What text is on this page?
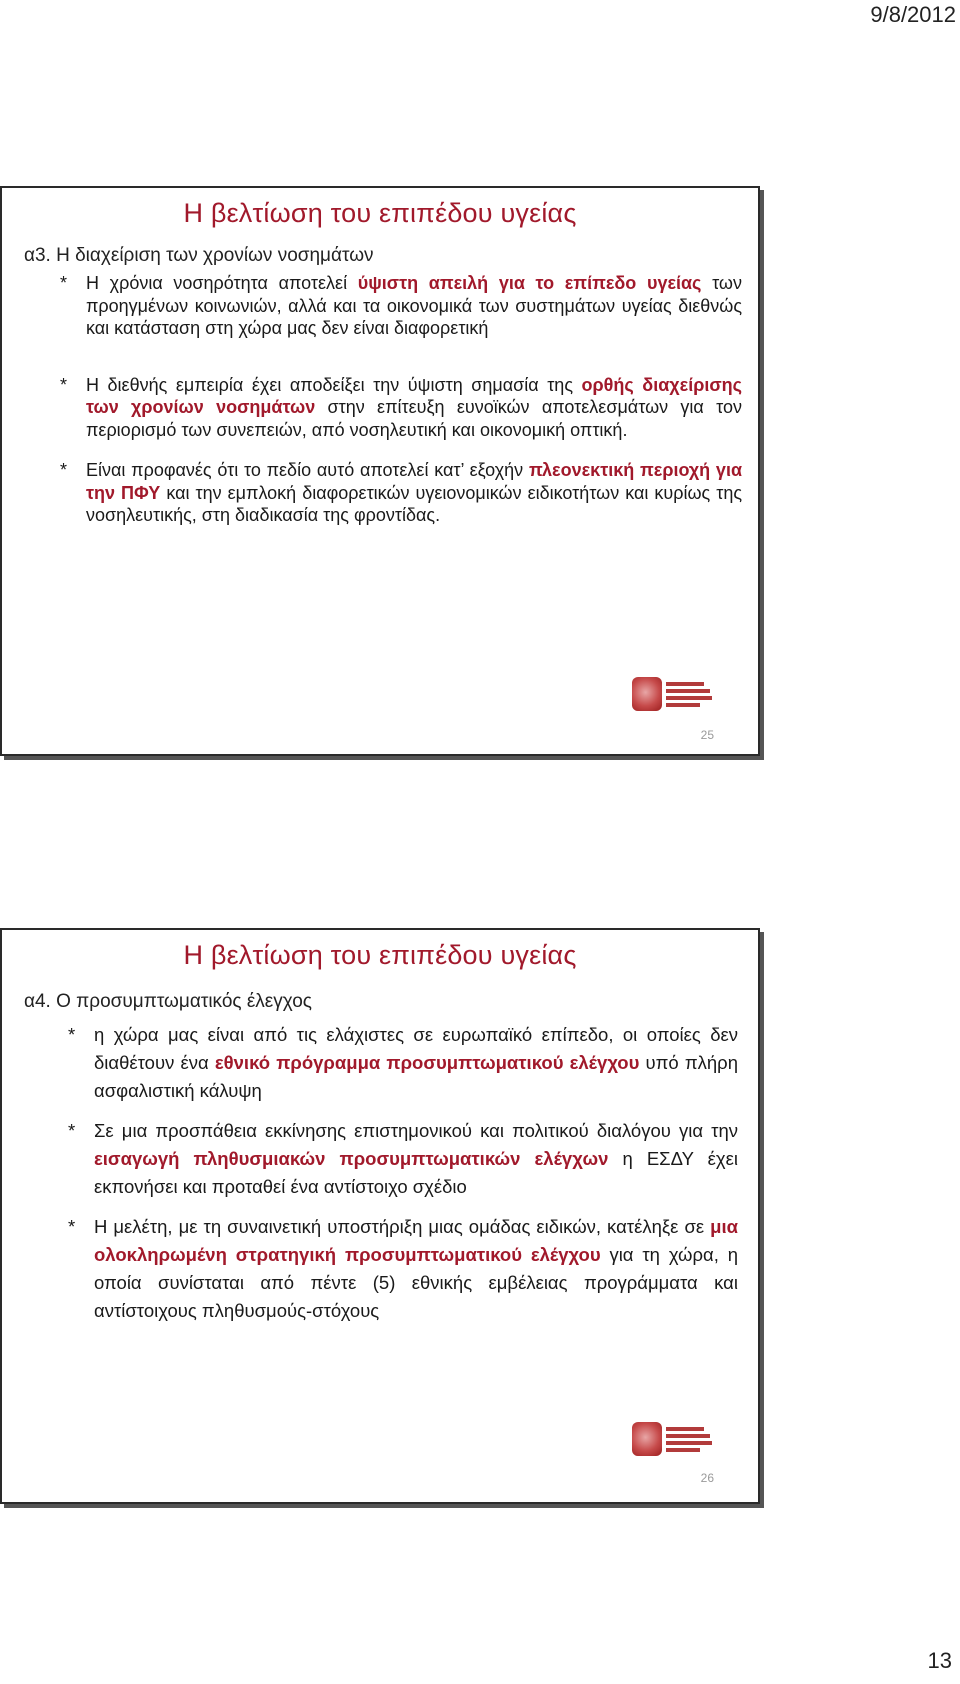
9/8/2012
Η βελτίωση του επιπέδου υγείας
α3. Η διαχείριση των χρονίων νοσημάτων
* Η χρόνια νοσηρότητα αποτελεί ύψιστη απειλή για το επίπεδο υγείας των προηγμένων κοινωνιών, αλλά και τα οικονομικά των συστημάτων υγείας διεθνώς και κατάσταση στη χώρα μας δεν είναι διαφορετική
* Η διεθνής εμπειρία έχει αποδείξει την ύψιστη σημασία της ορθής διαχείρισης των χρονίων νοσημάτων στην επίτευξη ευνοϊκών αποτελεσμάτων για τον περιορισμό των συνεπειών, από νοσηλευτική και οικονομική οπτική.
* Είναι προφανές ότι το πεδίο αυτό αποτελεί κατ’ εξοχήν πλεονεκτική περιοχή για την ΠΦΥ και την εμπλοκή διαφορετικών υγειονομικών ειδικοτήτων και κυρίως της νοσηλευτικής, στη διαδικασία της φροντίδας.
25
Η βελτίωση του επιπέδου υγείας
α4. Ο προσυμπτωματικός έλεγχος
* η χώρα μας είναι από τις ελάχιστες σε ευρωπαϊκό επίπεδο, οι οποίες δεν διαθέτουν ένα εθνικό πρόγραμμα προσυμπτωματικού ελέγχου υπό πλήρη ασφαλιστική κάλυψη
* Σε μια προσπάθεια εκκίνησης επιστημονικού και πολιτικού διαλόγου για την εισαγωγή πληθυσμιακών προσυμπτωματικών ελέγχων η ΕΣΔΥ έχει εκπονήσει και προταθεί ένα αντίστοιχο σχέδιο
* Η μελέτη, με τη συναινετική υποστήριξη μιας ομάδας ειδικών, κατέληξε σε μια ολοκληρωμένη στρατηγική προσυμπτωματικού ελέγχου για τη χώρα, η οποία συνίσταται από πέντε (5) εθνικής εμβέλειας προγράμματα και αντίστοιχους πληθυσμούς-στόχους
26
13
